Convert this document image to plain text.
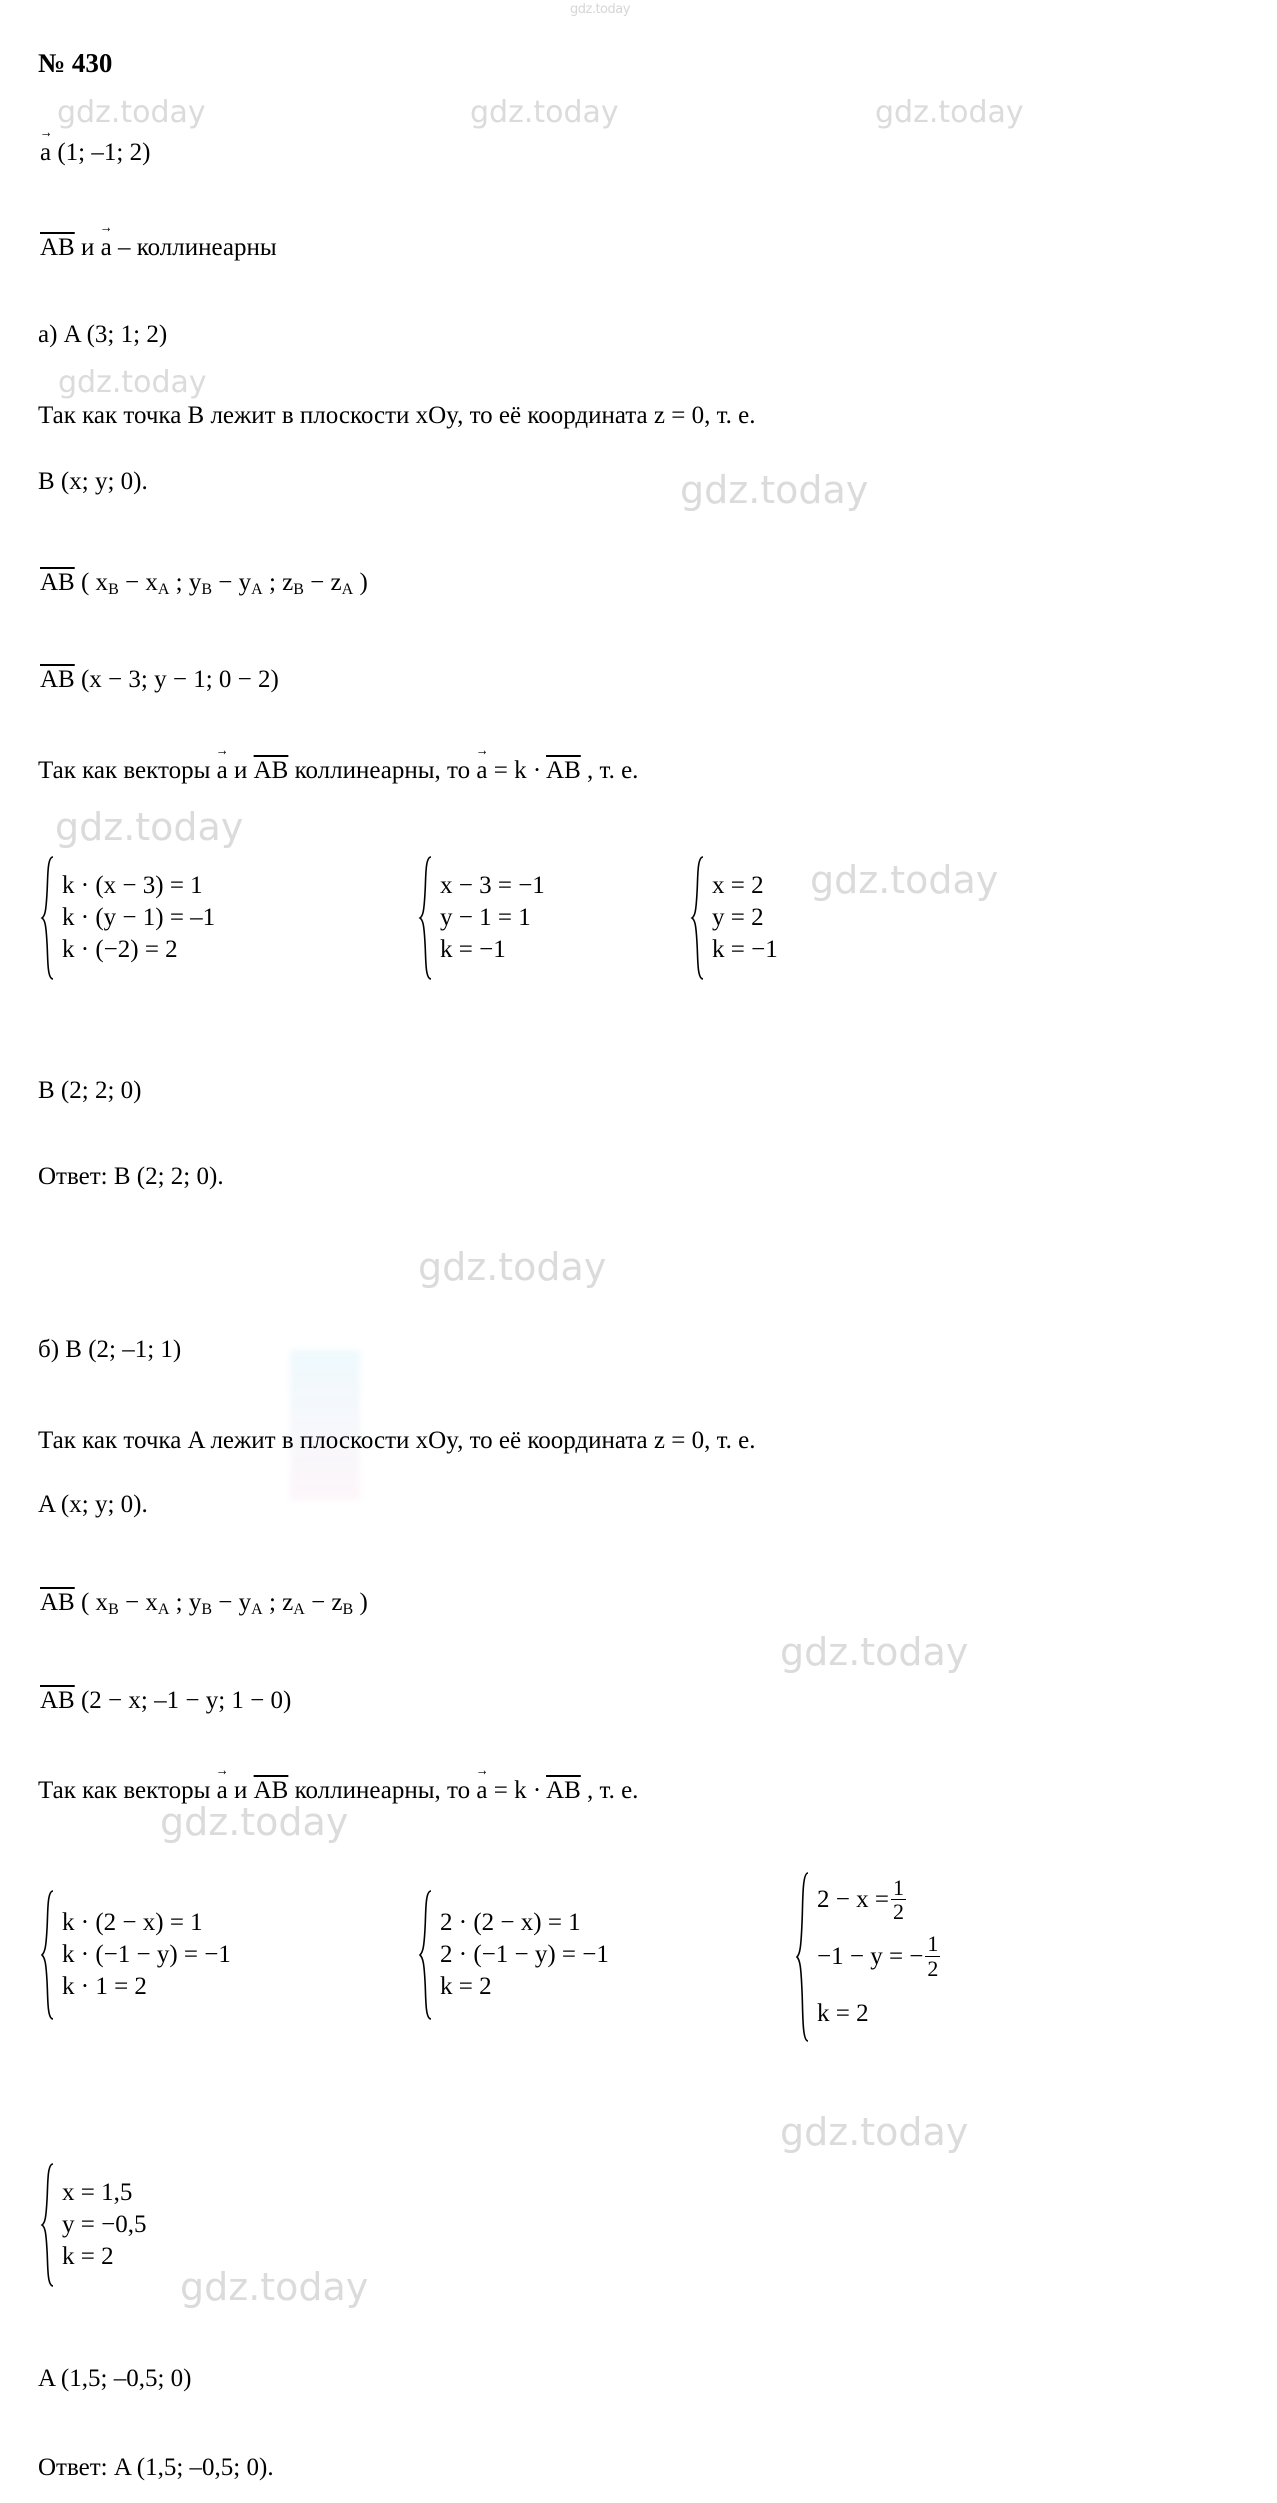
gdz.today
gdz.today	gdz.today	gdz.today
gdz.today
gdz.today
gdz.today
gdz.today
gdz.today
gdz.today
gdz.today
gdz.today
gdz.today
№ 430
a → (1; –1; 2)
$\overline{AB}$ и a → – коллинеарны
а) A (3; 1; 2)
Так как точка B лежит в плоскости xОy, то её координата z = 0, т. е.
B (x; y; 0).
$\overline{AB}$ ( $x_В - x_А$ ; $y_В - y_А$ ; $z_В - z_А$ )
$\overline{AB}$ (x − 3; y − 1; 0 − 2)
Так как векторы a → и $\overline{AB}$ коллинеарны, то a → = $k \cdot \overline{AB}$ , т. е.
B (2; 2; 0)
Ответ: B (2; 2; 0).
б) B (2; –1; 1)
Так как точка A лежит в плоскости xОy, то её координата z = 0, т. е.
A (x; y; 0).
$\overline{AB}$ ( $x_В - x_А$ ; $y_В - y_А$ ; $z_А - z_В$ )
$\overline{AB}$ (2 − x; –1 − y; 1 − 0)
Так как векторы a → и $\overline{AB}$ коллинеарны, то a → = $k \cdot \overline{AB}$ , т. е.
A (1,5; –0,5; 0)
Ответ: A (1,5; –0,5; 0).
k · (x − 3) = 1
k · (y − 1) = –1
k · (−2) = 2
x − 3 = −1
y − 1 = 1
k = −1
x = 2
y = 2
k = −1
k · (2 − x) = 1
k · (−1 − y) = −1
k · 1 = 2
2 · (2 − x) = 1
2 · (−1 − y) = −1
k = 2
$2 - x = \frac{1}{2}$
−1 − y = − $\frac{1}{2}$
k = 2
x = 1,5
y = −0,5
k = 2
